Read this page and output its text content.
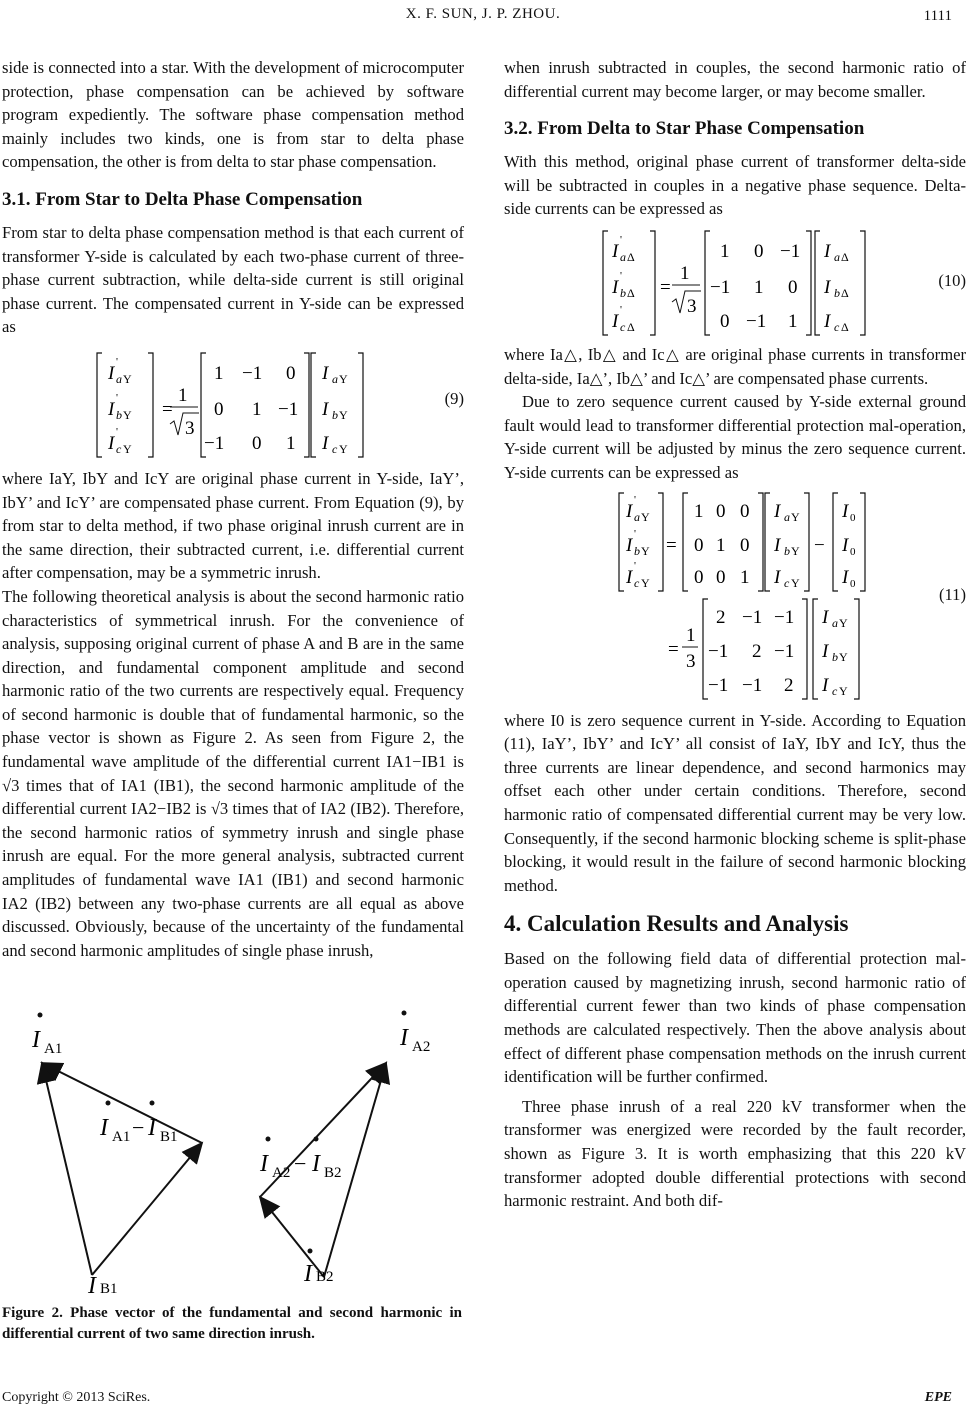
X. F. SUN, J. P. ZHOU.	1111

side is connected into a star. With the development of microcomputer protection, phase compensation can be achieved by software program expediently. The software phase compensation method mainly includes two kinds, one is from star to delta phase compensation, the other is from delta to star phase compensation.

3.1. From Star to Delta Phase Compensation

From star to delta phase compensation method is that each current of transformer Y-side is calculated by each two-phase current of three-phase current subtraction, while delta-side current is still original phase current. The compensated current in Y-side can be expressed as

I a Y
'
I b Y
'
I c Y
'
=
1
3
1 −1 0
0 1 −1
−1 0 1
I a Y
I b Y
I c Y
(9)

where IaY, IbY and IcY are original phase current in Y-side, IaY’, IbY’ and IcY’ are compensated phase current. From Equation (9), by from star to delta method, if two phase original inrush current are in the same direction, their subtracted current, i.e. differential current after compensation, may be a symmetric inrush.

The following theoretical analysis is about the second harmonic ratio characteristics of symmetrical inrush. For the convenience of analysis, supposing original current of phase A and B are in the same direction, and fundamental component amplitude and second harmonic ratio of the two currents are respectively equal. Frequency of second harmonic is double that of fundamental harmonic, so the phase vector is shown as Figure 2. As seen from Figure 2, the fundamental wave amplitude of the differential current IA1−IB1 is √3 times that of IA1 (IB1), the second harmonic amplitude of the differential current IA2−IB2 is √3 times that of IA2 (IB2). Therefore, the second harmonic ratios of symmetry inrush and single phase inrush are equal. For the more general analysis, subtracted current amplitudes of fundamental wave IA1 (IB1) and second harmonic IA2 (IB2) between any two-phase currents are all equal as above discussed. Obviously, because of the uncertainty of the fundamental and second harmonic amplitudes of single phase inrush,

I A1
I A1 − I B1
I B1
I A2
I A2 − I B2
I B2
Figure 2. Phase vector of the fundamental and second harmonic in differential current of two same direction inrush.

when inrush subtracted in couples, the second harmonic ratio of differential current may become larger, or may become smaller.

3.2. From Delta to Star Phase Compensation

With this method, original phase current of transformer delta-side will be subtracted in couples in a negative phase sequence. Delta-side currents can be expressed as

I a Δ
'
I b Δ
'
I c Δ
'
=
1
3
1 0 −1
−1 1 0
0 −1 1
I a Δ
I b Δ
I c Δ
(10)

where Ia△, Ib△ and Ic△ are original phase currents in transformer delta-side, Ia△’, Ib△’ and Ic△’ are compensated phase currents.

Due to zero sequence current caused by Y-side external ground fault would lead to transformer differential protection mal-operation, Y-side current will be adjusted by minus the zero sequence current. Y-side currents can be expressed as

I a Y
'
I b Y
'
I c Y
'
=
1 0 0
0 1 0
0 0 1
I a Y
I b Y
I c Y
−
I 0
I 0
I 0
=
1
3
2 −1 −1
−1 2 −1
−1 −1 2
I a Y
I b Y
I c Y
(11)

where I0 is zero sequence current in Y-side. According to Equation (11), IaY’, IbY’ and IcY’ all consist of IaY, IbY and IcY, thus the three currents are linear dependence, and second harmonics may offset each other under certain conditions. Therefore, second harmonic ratio of compensated differential current may be very low. Consequently, if the second harmonic blocking scheme is split-phase blocking, it would result in the failure of second harmonic blocking method.

4. Calculation Results and Analysis

Based on the following field data of differential protection mal-operation caused by magnetizing inrush, second harmonic ratio of differential current fewer than two kinds of phase compensation methods are calculated respectively. Then the above analysis about effect of different phase compensation methods on the inrush current identification will be further confirmed.

Three phase inrush of a real 220 kV transformer when the transformer was energized were recorded by the fault recorder, shown as Figure 3. It is worth emphasizing that this 220 kV transformer adopted double differential protections with second harmonic restraint. And both dif-

Copyright © 2013 SciRes.	EPE
